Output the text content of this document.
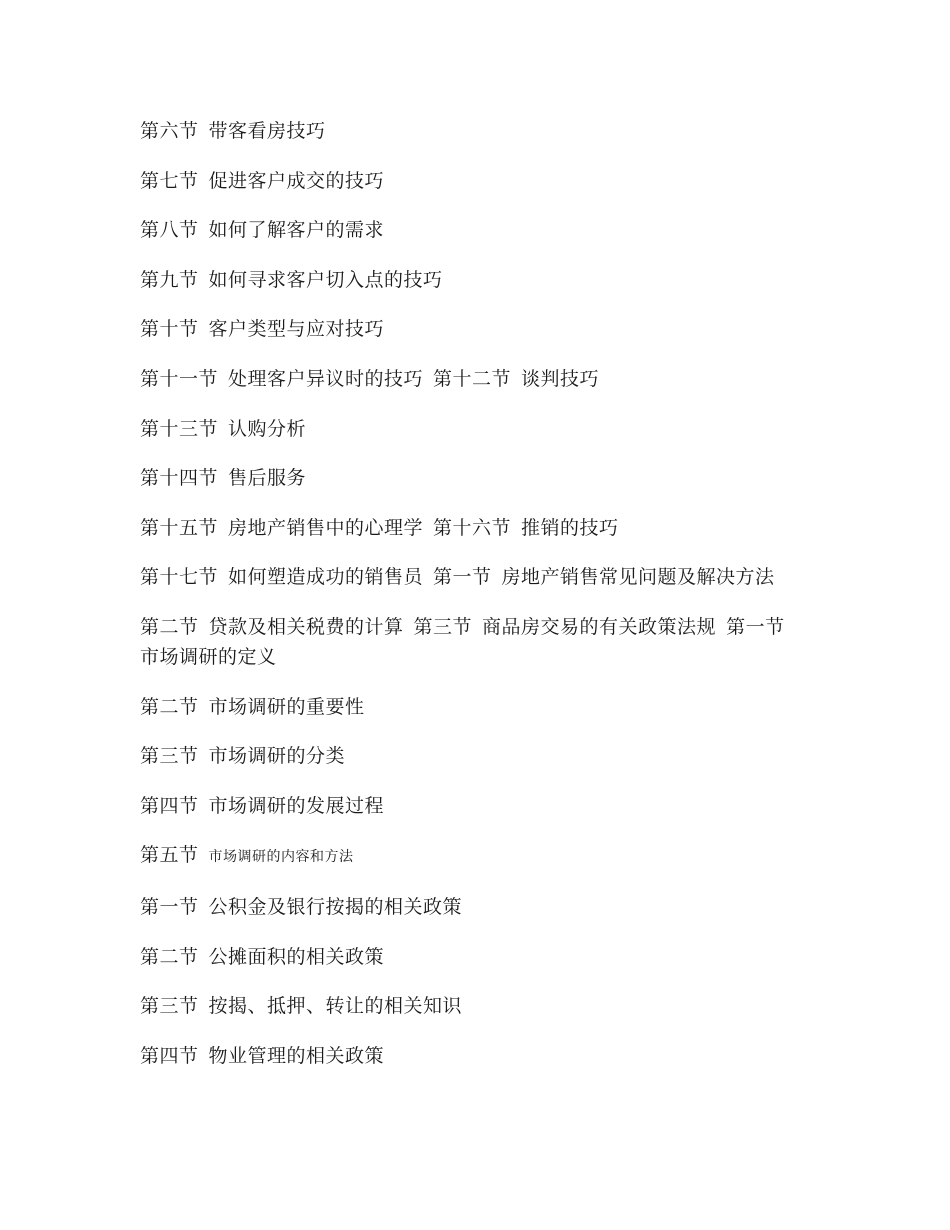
第六节 带客看房技巧
第七节 促进客户成交的技巧
第八节 如何了解客户的需求
第九节 如何寻求客户切入点的技巧
第十节 客户类型与应对技巧
第十一节 处理客户异议时的技巧 第十二节 谈判技巧
第十三节 认购分析
第十四节 售后服务
第十五节 房地产销售中的心理学 第十六节 推销的技巧
第十七节 如何塑造成功的销售员 第一节 房地产销售常见问题及解决方法
第二节 贷款及相关税费的计算 第三节 商品房交易的有关政策法规 第一节市场调研的定义
第二节 市场调研的重要性
第三节 市场调研的分类
第四节 市场调研的发展过程
第五节 市场调研的内容和方法
第一节 公积金及银行按揭的相关政策
第二节 公摊面积的相关政策
第三节 按揭、抵押、转让的相关知识
第四节 物业管理的相关政策
